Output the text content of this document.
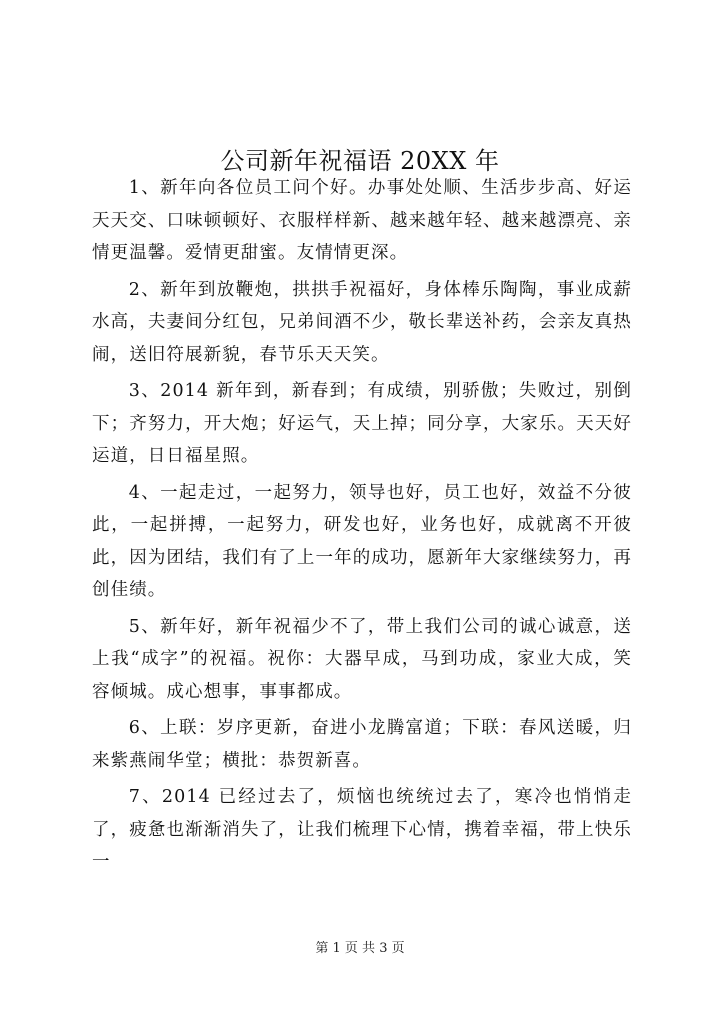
公司新年祝福语 20XX 年

1、新年向各位员工问个好。办事处处顺、生活步步高、好运天天交、口味顿顿好、衣服样样新、越来越年轻、越来越漂亮、亲情更温馨。爱情更甜蜜。友情情更深。

2、新年到放鞭炮，拱拱手祝福好，身体棒乐陶陶，事业成薪水高，夫妻间分红包，兄弟间酒不少，敬长辈送补药，会亲友真热闹，送旧符展新貌，春节乐天天笑。

3、2014 新年到，新春到；有成绩，别骄傲；失败过，别倒下；齐努力，开大炮；好运气，天上掉；同分享，大家乐。天天好运道，日日福星照。

4、一起走过，一起努力，领导也好，员工也好，效益不分彼此，一起拼搏，一起努力，研发也好，业务也好，成就离不开彼此，因为团结，我们有了上一年的成功，愿新年大家继续努力，再创佳绩。

5、新年好，新年祝福少不了，带上我们公司的诚心诚意，送上我“成字”的祝福。祝你：大器早成，马到功成，家业大成，笑容倾城。成心想事，事事都成。

6、上联：岁序更新，奋进小龙腾富道；下联：春风送暖，归来紫燕闹华堂；横批：恭贺新喜。

7、2014 已经过去了，烦恼也统统过去了，寒冷也悄悄走了，疲惫也渐渐消失了，让我们梳理下心情，携着幸福，带上快乐一

第 1 页 共 3 页
